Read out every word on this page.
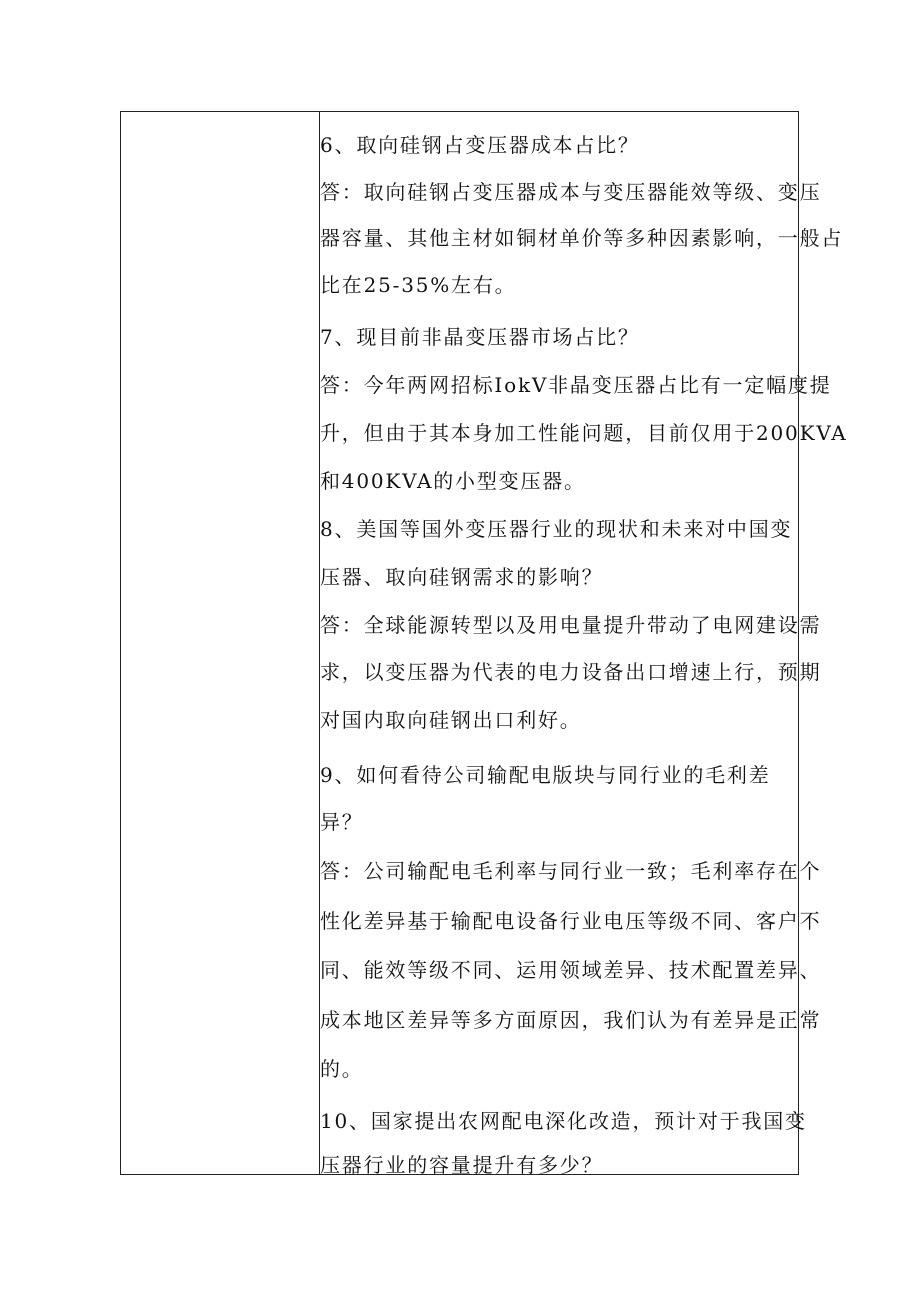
6、取向硅钢占变压器成本占比？
答：取向硅钢占变压器成本与变压器能效等级、变压
器容量、其他主材如铜材单价等多种因素影响，一般占
比在25-35%左右。
7、现目前非晶变压器市场占比？
答：今年两网招标IokV非晶变压器占比有一定幅度提
升，但由于其本身加工性能问题，目前仅用于200KVA
和400KVA的小型变压器。
8、美国等国外变压器行业的现状和未来对中国变
压器、取向硅钢需求的影响？
答：全球能源转型以及用电量提升带动了电网建设需
求，以变压器为代表的电力设备出口增速上行，预期
对国内取向硅钢出口利好。
9、如何看待公司输配电版块与同行业的毛利差
异？
答：公司输配电毛利率与同行业一致；毛利率存在个
性化差异基于输配电设备行业电压等级不同、客户不
同、能效等级不同、运用领域差异、技术配置差异、
成本地区差异等多方面原因，我们认为有差异是正常
的。
10、国家提出农网配电深化改造，预计对于我国变
压器行业的容量提升有多少？
